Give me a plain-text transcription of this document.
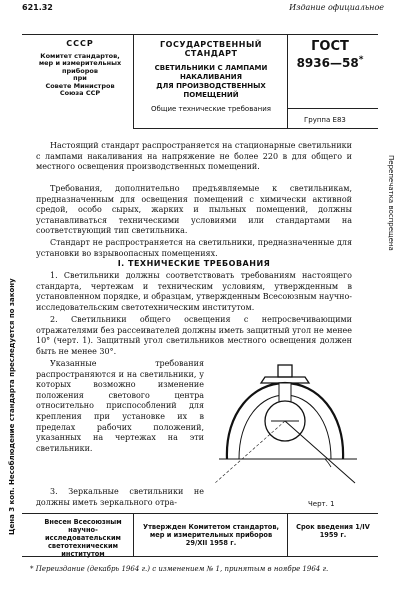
621.32	Издание официальное
СССР
Комитет стандартов,
мер и измерительных
приборов
при
Совете Министров
Союза ССР
ГОСУДАРСТВЕННЫЙ
СТАНДАРТ
СВЕТИЛЬНИКИ С ЛАМПАМИ
НАКАЛИВАНИЯ
ДЛЯ ПРОИЗВОДСТВЕННЫХ
ПОМЕЩЕНИЙ
Общие технические требования
ГОСТ
8936—58*
Группа Е83
Цена 3 коп. Несоблюдение стандарта преследуется по закону
Перепечатка воспрещена
Настоящий стандарт распространяется на стационарные светильники с лампами накаливания на напряжение не более 220 в для общего и местного освещения производственных помещений.
Требования, дополнительно предъявляемые к светильникам, предназначенным для освещения помещений с химически активной средой, особо сырых, жарких и пыльных помещений, должны устанавливаться техническими условиями или стандартами на соответствующий тип светильника.
Стандарт не распространяется на светильники, предназначенные для установки во взрывоопасных помещениях.
I. ТЕХНИЧЕСКИЕ ТРЕБОВАНИЯ
1. Светильники должны соответствовать требованиям настоящего стандарта, чертежам и техническим условиям, утвержденным в установленном порядке, и образцам, утвержденным Всесоюзным научно-исследовательским светотехническим институтом.
2. Светильники общего освещения с непросвечивающими отражателями без рассеивателей должны иметь защитный угол не менее 10° (черт. 1). Защитный угол светильников местного освещения должен быть не менее 30°.
Указанные требования распространяются и на светильники, у которых возможно изменение положения светового центра относительно приспособлений для крепления при установке их в пределах рабочих положений, указанных на чертежах на эти светильники.
3. Зеркальные светильники не должны иметь зеркального отра-	Черт. 1
Внесен Всесоюзным научно-исследовательским светотехническим институтом
Утвержден Комитетом стандартов, мер и измерительных приборов 29/XII 1958 г.
Срок введения 1/IV 1959 г.
* Переиздание (декабрь 1964 г.) с изменением № 1, принятым в ноябре 1964 г.
